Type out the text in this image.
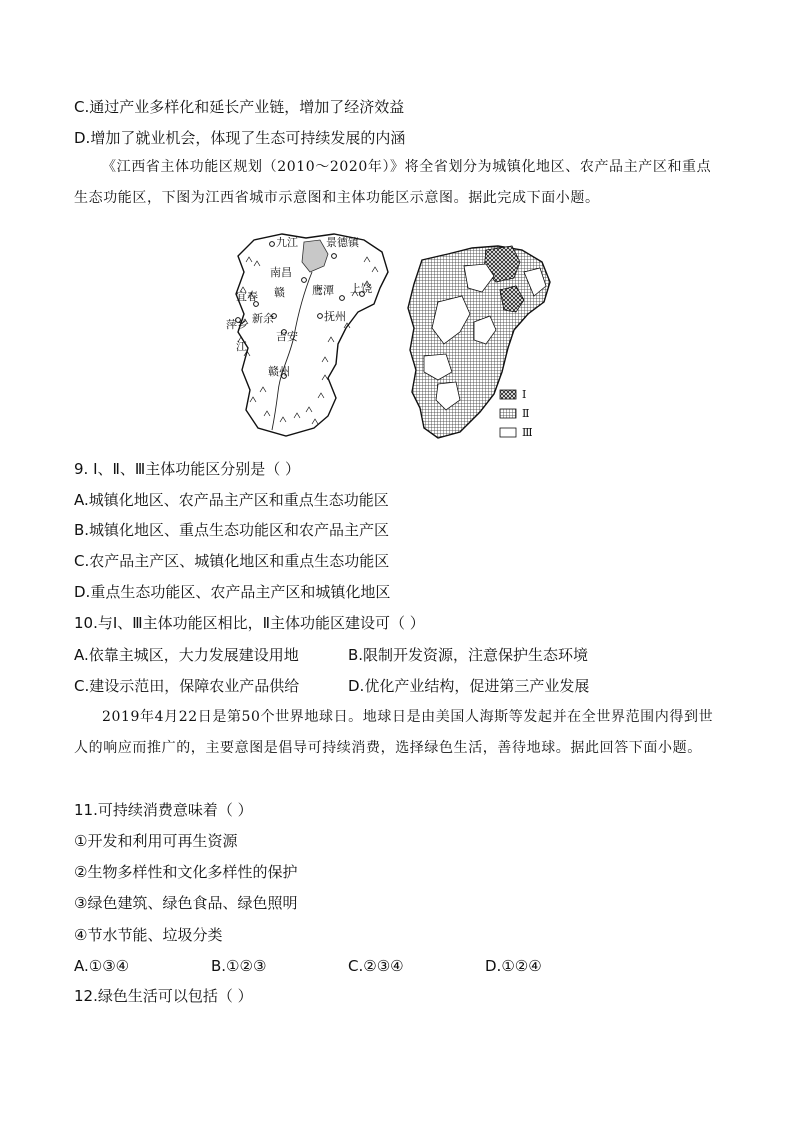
C.通过产业多样化和延长产业链，增加了经济效益
D.增加了就业机会，体现了生态可持续发展的内涵
《江西省主体功能区规划（2010～2020年）》将全省划分为城镇化地区、农产品主产区和重点生态功能区，下图为江西省城市示意图和主体功能区示意图。据此完成下面小题。
九江	景德镇
南昌
上饶
鹰潭
宜春
抚州
新余
萍乡
吉安
赣州
赣
江
Ⅰ
Ⅱ
Ⅲ
9. Ⅰ、Ⅱ、Ⅲ主体功能区分别是（ ）
A.城镇化地区、农产品主产区和重点生态功能区
B.城镇化地区、重点生态功能区和农产品主产区
C.农产品主产区、城镇化地区和重点生态功能区
D.重点生态功能区、农产品主产区和城镇化地区
10.与Ⅰ、Ⅲ主体功能区相比，Ⅱ主体功能区建设可（ ）
A.依靠主城区，大力发展建设用地	B.限制开发资源，注意保护生态环境
C.建设示范田，保障农业产品供给	D.优化产业结构，促进第三产业发展
2019年4月22日是第50个世界地球日。地球日是由美国人海斯等发起并在全世界范围内得到世人的响应而推广的，主要意图是倡导可持续消费，选择绿色生活，善待地球。据此回答下面小题。
11.可持续消费意味着（ ）
①开发和利用可再生资源
②生物多样性和文化多样性的保护
③绿色建筑、绿色食品、绿色照明
④节水节能、垃圾分类
A.①③④	B.①②③	C.②③④	D.①②④
12.绿色生活可以包括（ ）
